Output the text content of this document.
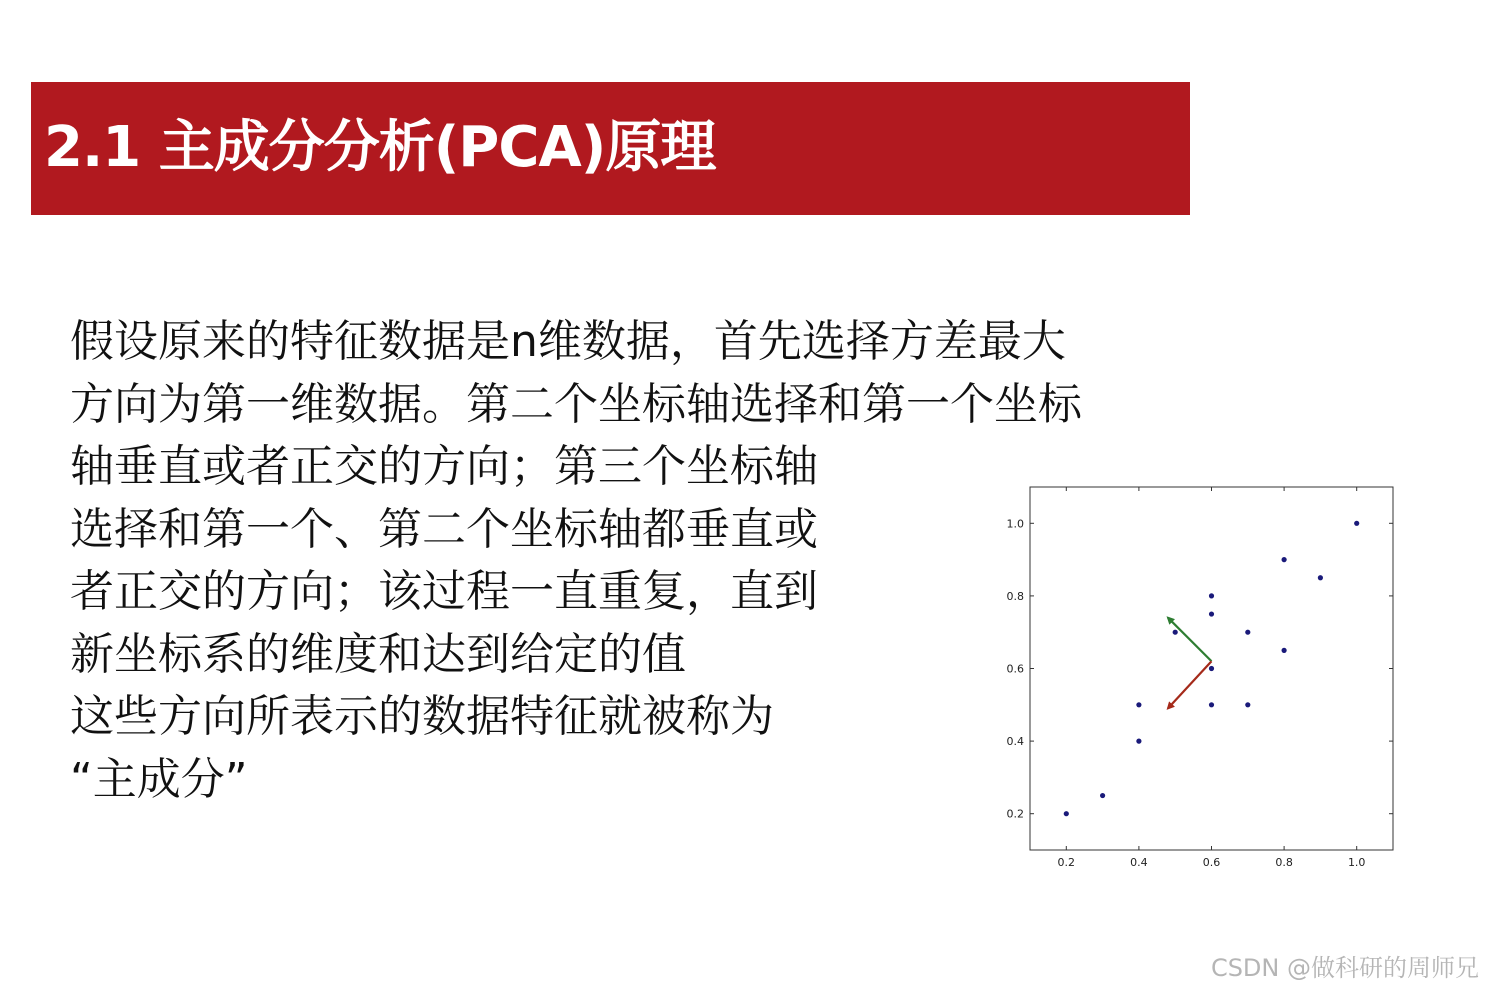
2.1 主成分分析(PCA)原理
假设原来的特征数据是n维数据，首先选择方差最大
方向为第一维数据。第二个坐标轴选择和第一个坐标
轴垂直或者正交的方向；第三个坐标轴
选择和第一个、第二个坐标轴都垂直或
者正交的方向；该过程一直重复，直到
新坐标系的维度和达到给定的值
这些方向所表示的数据特征就被称为
“主成分”
0.2	0.4	0.6	0.8	1.0
0.2
0.4
0.6
0.8
1.0
CSDN @做科研的周师兄
